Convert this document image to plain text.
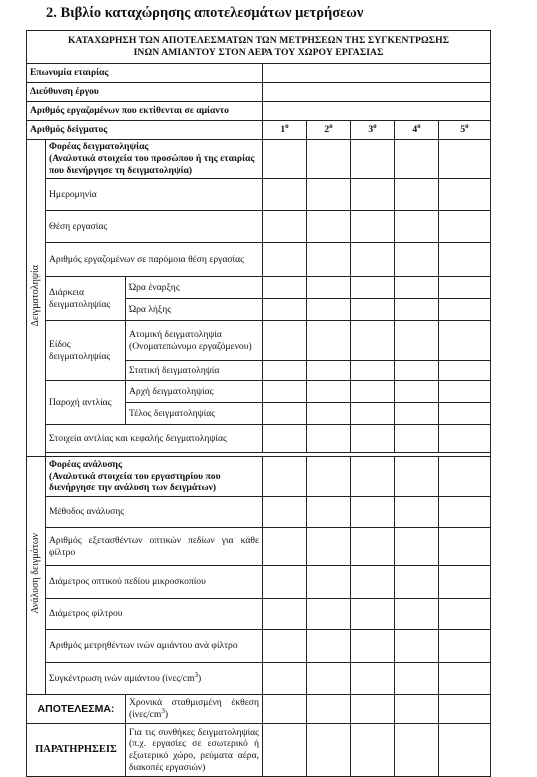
2. Βιβλίο καταχώρησης αποτελεσμάτων μετρήσεων
ΚΑΤΑΧΩΡΗΣΗ ΤΩΝ ΑΠΟΤΕΛΕΣΜΑΤΩΝ ΤΩΝ ΜΕΤΡΗΣΕΩΝ ΤΗΣ ΣΥΓΚΕΝΤΡΩΣΗΣ
ΙΝΩΝ ΑΜΙΑΝΤΟΥ ΣΤΟΝ ΑΕΡΑ ΤΟΥ ΧΩΡΟΥ ΕΡΓΑΣΙΑΣ							

Επωνυμία εταιρίας							
Διεύθυνση έργου							
Αριθμός εργαζομένων που εκτίθενται σε αμίαντο							
Αριθμός δείγματος			$1^o$	$2^o$	$3^o$	$4^o$	$5^o$
Δειγματοληψία	Φορέας δειγματοληψίας
(Αναλυτικά στοιχεία του προσώπου ή της εταιρίας που διενήργησε τη δειγματοληψία)						

	Ημερομηνία						
	Θέση εργασίας						
	Αριθμός εργαζομένων σε παρόμοια θέση εργασίας						
	Διάρκεια δειγματοληψίας	Ώρα έναρξης					
		Ώρα λήξης					
	Είδος δειγματοληψίας	Ατομική δειγματοληψία (Ονοματεπώνυμο εργαζόμενου)					
		Στατική δειγματοληψία					
	Παροχή αντλίας	Αρχή δειγματοληψίας					
		Τέλος δειγματοληψίας					
	Στοιχεία αντλίας και κεφαλής δειγματοληψίας						

Ανάλυση δειγμάτων	Φορέας ανάλυσης
(Αναλυτικά στοιχεία του εργαστηρίου που διενήργησε την ανάλυση των δειγμάτων)						

	Μέθοδος ανάλυσης						
	Αριθμός εξετασθέντων οπτικών πεδίων για κάθε φίλτρο						
	Διάμετρος οπτικού πεδίου μικροσκοπίου						
	Διάμετρος φίλτρου						
	Αριθμός μετρηθέντων ινών αμιάντου ανά φίλτρο						
	Συγκέντρωση ινών αμιάντου $(ί\nu\varepsilon\varsigma/cm^3)$						
ΑΠΟΤΕΛΕΣΜΑ:		Χρονικά σταθμισμένη έκθεση $(ί\nu\varepsilon\varsigma/cm^3)$					
ΠΑΡΑΤΗΡΗΣΕΙΣ		Για τις συνθήκες δειγματοληψίας (π.χ. εργασίες σε εσωτερικό ή εξωτερικό χώρο, ρεύματα αέρα, διακοπές εργασιών)					
